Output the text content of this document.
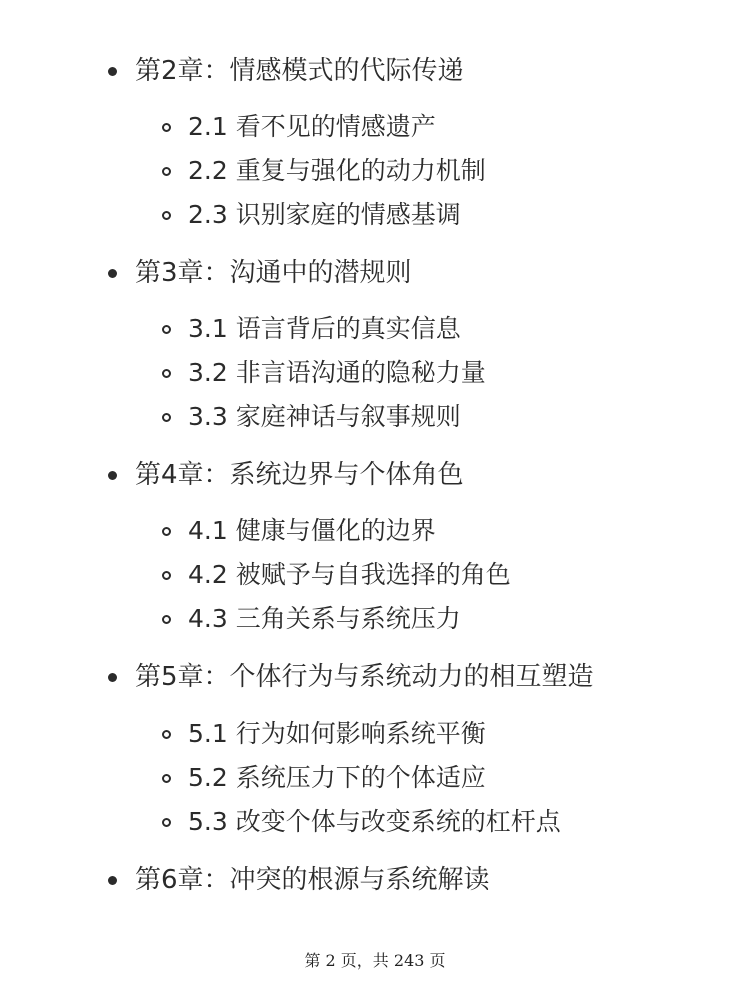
第2章：情感模式的代际传递
2.1 看不见的情感遗产
2.2 重复与强化的动力机制
2.3 识别家庭的情感基调
第3章：沟通中的潜规则
3.1 语言背后的真实信息
3.2 非言语沟通的隐秘力量
3.3 家庭神话与叙事规则
第4章：系统边界与个体角色
4.1 健康与僵化的边界
4.2 被赋予与自我选择的角色
4.3 三角关系与系统压力
第5章：个体行为与系统动力的相互塑造
5.1 行为如何影响系统平衡
5.2 系统压力下的个体适应
5.3 改变个体与改变系统的杠杆点
第6章：冲突的根源与系统解读
第 2 页，共 243 页
